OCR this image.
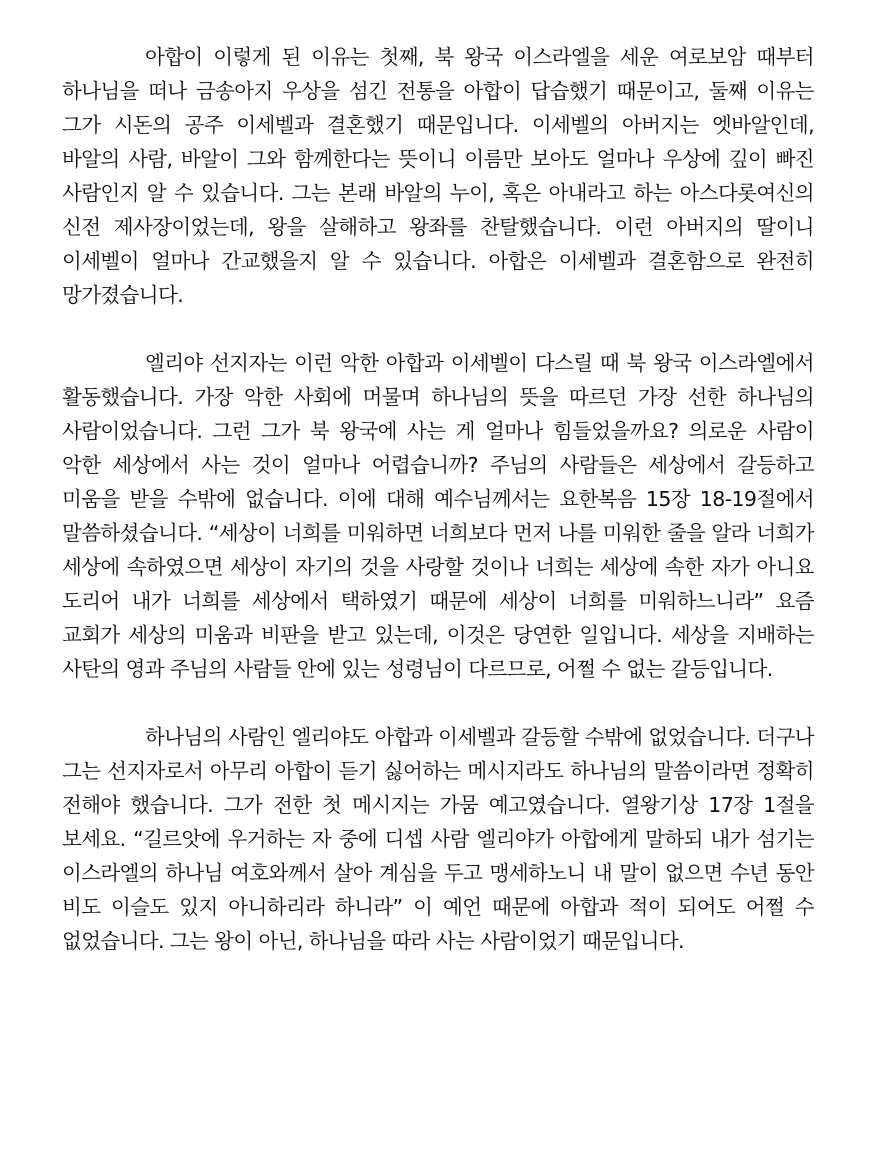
아합이 이렇게 된 이유는 첫째, 북 왕국 이스라엘을 세운 여로보암 때부터 하나님을 떠나 금송아지 우상을 섬긴 전통을 아합이 답습했기 때문이고, 둘째 이유는 그가 시돈의 공주 이세벨과 결혼했기 때문입니다. 이세벨의 아버지는 엣바알인데, 바알의 사람, 바알이 그와 함께한다는 뜻이니 이름만 보아도 얼마나 우상에 깊이 빠진 사람인지 알 수 있습니다. 그는 본래 바알의 누이, 혹은 아내라고 하는 아스다롯여신의 신전 제사장이었는데, 왕을 살해하고 왕좌를 찬탈했습니다. 이런 아버지의 딸이니 이세벨이 얼마나 간교했을지 알 수 있습니다. 아합은 이세벨과 결혼함으로 완전히 망가졌습니다.

엘리야 선지자는 이런 악한 아합과 이세벨이 다스릴 때 북 왕국 이스라엘에서 활동했습니다. 가장 악한 사회에 머물며 하나님의 뜻을 따르던 가장 선한 하나님의 사람이었습니다. 그런 그가 북 왕국에 사는 게 얼마나 힘들었을까요? 의로운 사람이 악한 세상에서 사는 것이 얼마나 어렵습니까? 주님의 사람들은 세상에서 갈등하고 미움을 받을 수밖에 없습니다. 이에 대해 예수님께서는 요한복음 15장 18-19절에서 말씀하셨습니다. “세상이 너희를 미워하면 너희보다 먼저 나를 미워한 줄을 알라 너희가 세상에 속하였으면 세상이 자기의 것을 사랑할 것이나 너희는 세상에 속한 자가 아니요 도리어 내가 너희를 세상에서 택하였기 때문에 세상이 너희를 미워하느니라” 요즘 교회가 세상의 미움과 비판을 받고 있는데, 이것은 당연한 일입니다. 세상을 지배하는 사탄의 영과 주님의 사람들 안에 있는 성령님이 다르므로, 어쩔 수 없는 갈등입니다.

하나님의 사람인 엘리야도 아합과 이세벨과 갈등할 수밖에 없었습니다. 더구나 그는 선지자로서 아무리 아합이 듣기 싫어하는 메시지라도 하나님의 말씀이라면 정확히 전해야 했습니다. 그가 전한 첫 메시지는 가뭄 예고였습니다. 열왕기상 17장 1절을 보세요. “길르앗에 우거하는 자 중에 디셉 사람 엘리야가 아합에게 말하되 내가 섬기는 이스라엘의 하나님 여호와께서 살아 계심을 두고 맹세하노니 내 말이 없으면 수년 동안 비도 이슬도 있지 아니하리라 하니라” 이 예언 때문에 아합과 적이 되어도 어쩔 수 없었습니다. 그는 왕이 아닌, 하나님을 따라 사는 사람이었기 때문입니다.
